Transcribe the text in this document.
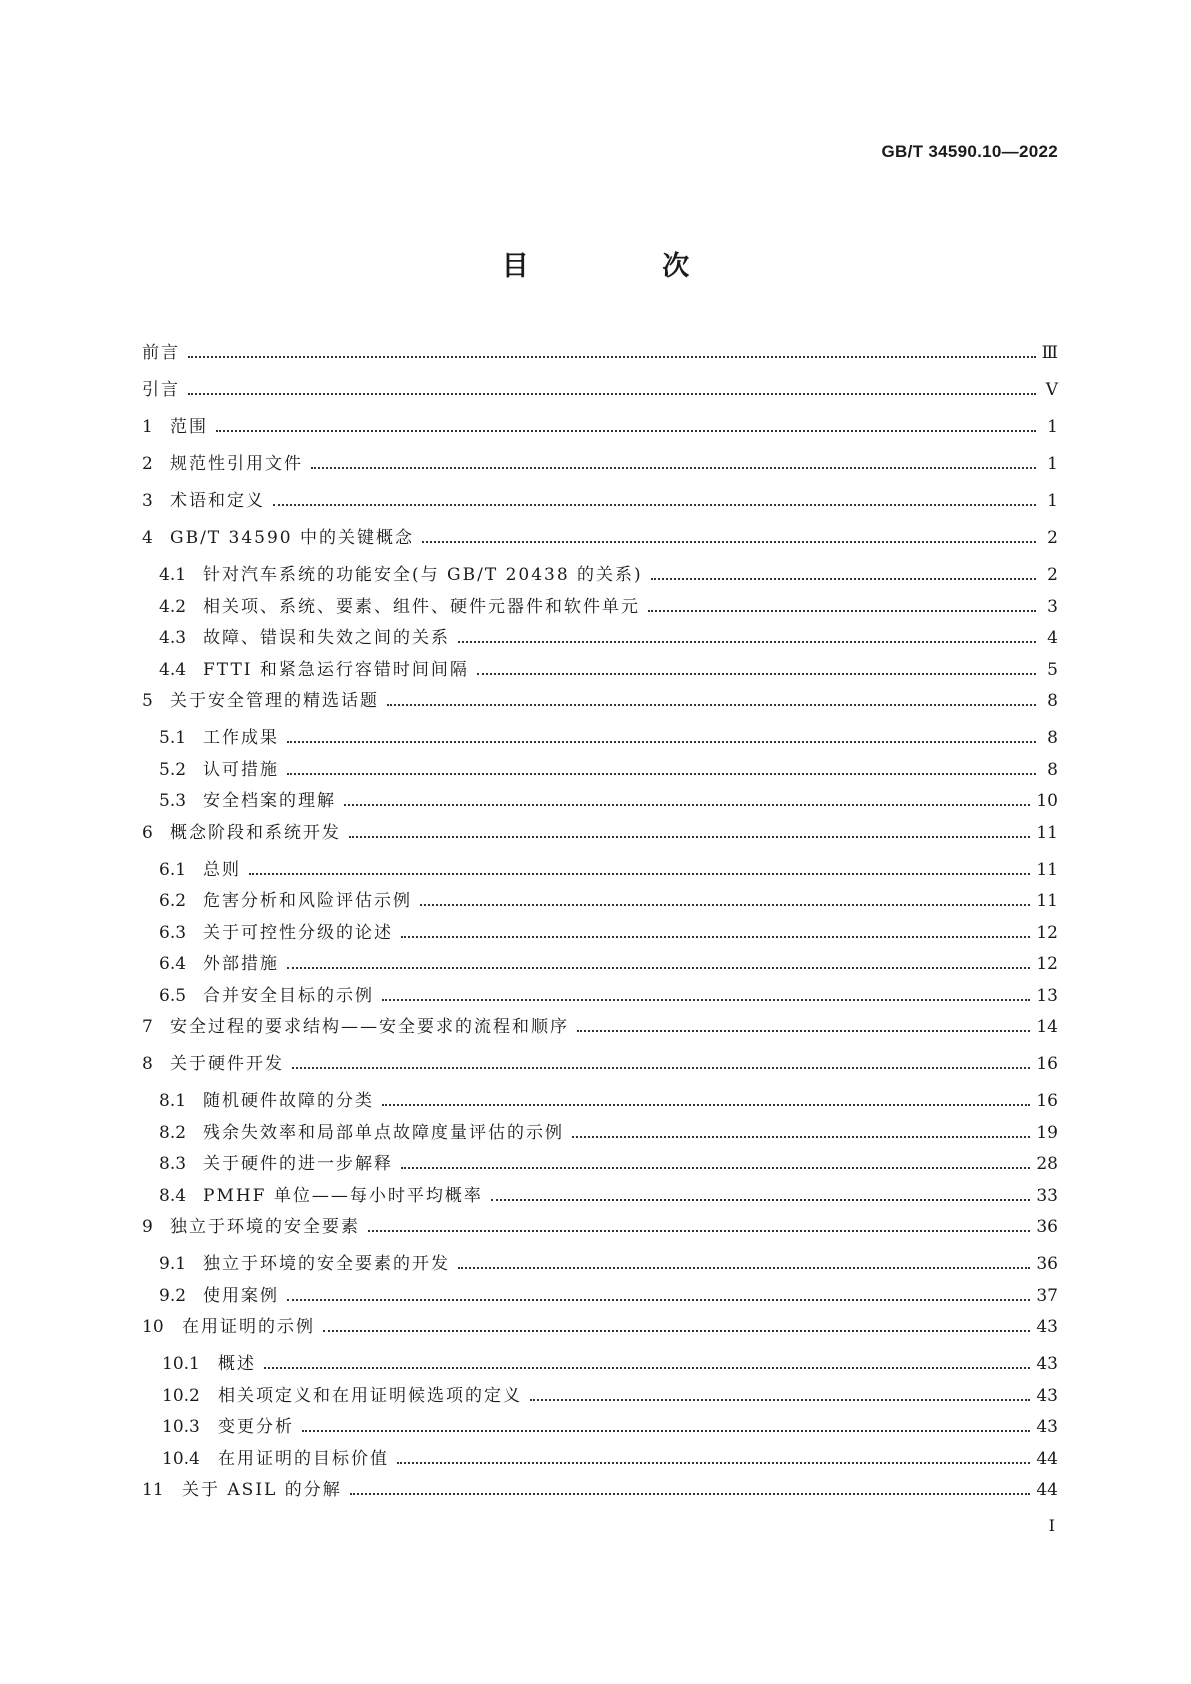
GB/T 34590.10—2022
目 次
前言	Ⅲ
引言	Ⅴ
1	范围	1
2	规范性引用文件	1
3	术语和定义	1
4	GB/T 34590 中的关键概念	2
4.1 针对汽车系统的功能安全(与 GB/T 20438 的关系)	2
4.2 相关项、系统、要素、组件、硬件元器件和软件单元	3
4.3 故障、错误和失效之间的关系	4
4.4 FTTI 和紧急运行容错时间间隔	5
5	关于安全管理的精选话题	8
5.1 工作成果	8
5.2 认可措施	8
5.3 安全档案的理解	10
6	概念阶段和系统开发	11
6.1 总则	11
6.2 危害分析和风险评估示例	11
6.3 关于可控性分级的论述	12
6.4 外部措施	12
6.5 合并安全目标的示例	13
7	安全过程的要求结构——安全要求的流程和顺序	14
8	关于硬件开发	16
8.1 随机硬件故障的分类	16
8.2 残余失效率和局部单点故障度量评估的示例	19
8.3 关于硬件的进一步解释	28
8.4 PMHF 单位——每小时平均概率	33
9	独立于环境的安全要素	36
9.1 独立于环境的安全要素的开发	36
9.2 使用案例	37
10	在用证明的示例	43
10.1	概述	43
10.2	相关项定义和在用证明候选项的定义	43
10.3	变更分析	43
10.4	在用证明的目标价值	44
11	关于 ASIL 的分解	44
I
